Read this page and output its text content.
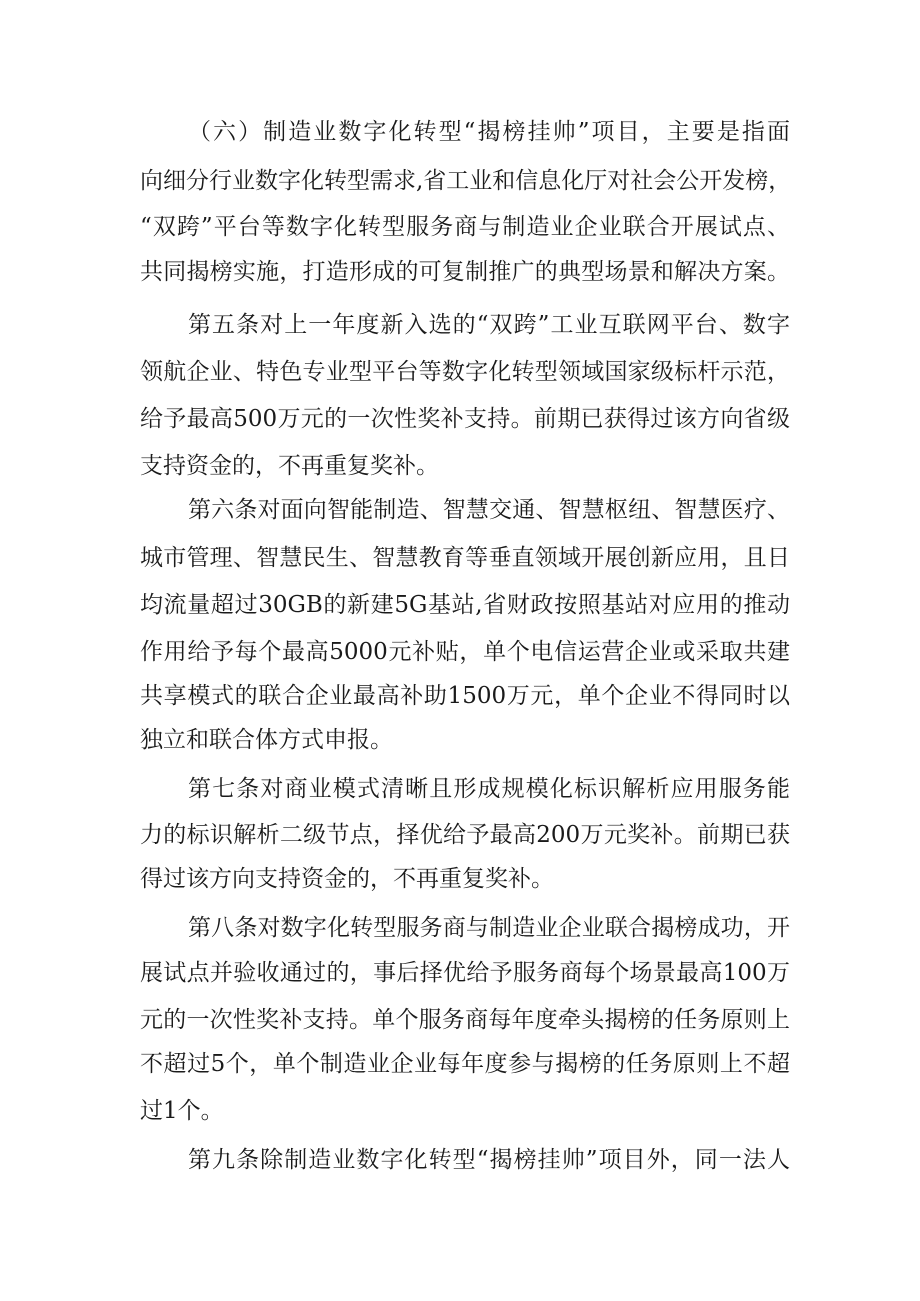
（六）制造业数字化转型“揭榜挂帅”项目，主要是指面
向细分行业数字化转型需求,省工业和信息化厅对社会公开发榜，
“双跨”平台等数字化转型服务商与制造业企业联合开展试点、
共同揭榜实施，打造形成的可复制推广的典型场景和解决方案。
第五条对上一年度新入选的“双跨”工业互联网平台、数字
领航企业、特色专业型平台等数字化转型领域国家级标杆示范，
给予最高500万元的一次性奖补支持。前期已获得过该方向省级
支持资金的，不再重复奖补。
第六条对面向智能制造、智慧交通、智慧枢纽、智慧医疗、
城市管理、智慧民生、智慧教育等垂直领域开展创新应用，且日
均流量超过30GB的新建5G基站,省财政按照基站对应用的推动
作用给予每个最高5000元补贴，单个电信运营企业或采取共建
共享模式的联合企业最高补助1500万元，单个企业不得同时以
独立和联合体方式申报。
第七条对商业模式清晰且形成规模化标识解析应用服务能
力的标识解析二级节点，择优给予最高200万元奖补。前期已获
得过该方向支持资金的，不再重复奖补。
第八条对数字化转型服务商与制造业企业联合揭榜成功，开
展试点并验收通过的，事后择优给予服务商每个场景最高100万
元的一次性奖补支持。单个服务商每年度牵头揭榜的任务原则上
不超过5个，单个制造业企业每年度参与揭榜的任务原则上不超
过1个。
第九条除制造业数字化转型“揭榜挂帅”项目外，同一法人
